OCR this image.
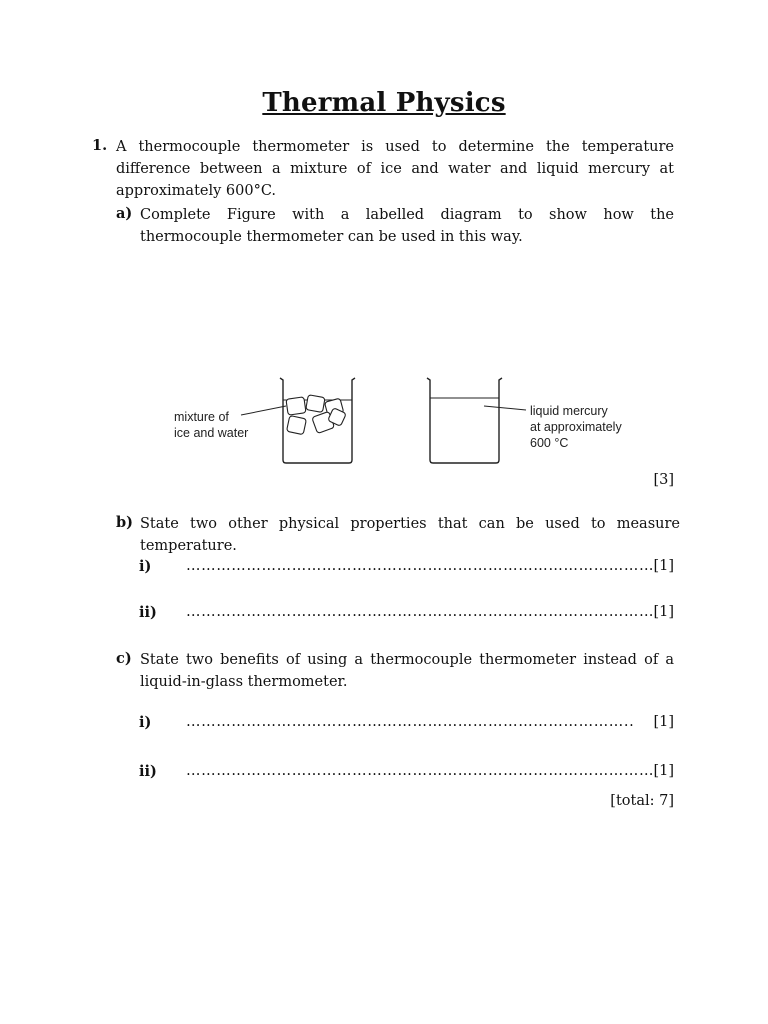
Thermal Physics
1. A thermocouple thermometer is used to determine the temperature difference between a mixture of ice and water and liquid mercury at approximately 600°C.
a) Complete Figure with a labelled diagram to show how the thermocouple thermometer can be used in this way.
mixture of
ice and water
liquid mercury
at approximately
600 °C
[3]
b) State two other physical properties that can be used to measure temperature.
i) ………………………………………………………………………………… [1]
ii) ………………………………………………………………………………… [1]
c) State two benefits of using a thermocouple thermometer instead of a liquid-in-glass thermometer.
i) ……………………………………………………………………………..	[1]
ii) ………………………………………………………………………………… [1]
[total: 7]
